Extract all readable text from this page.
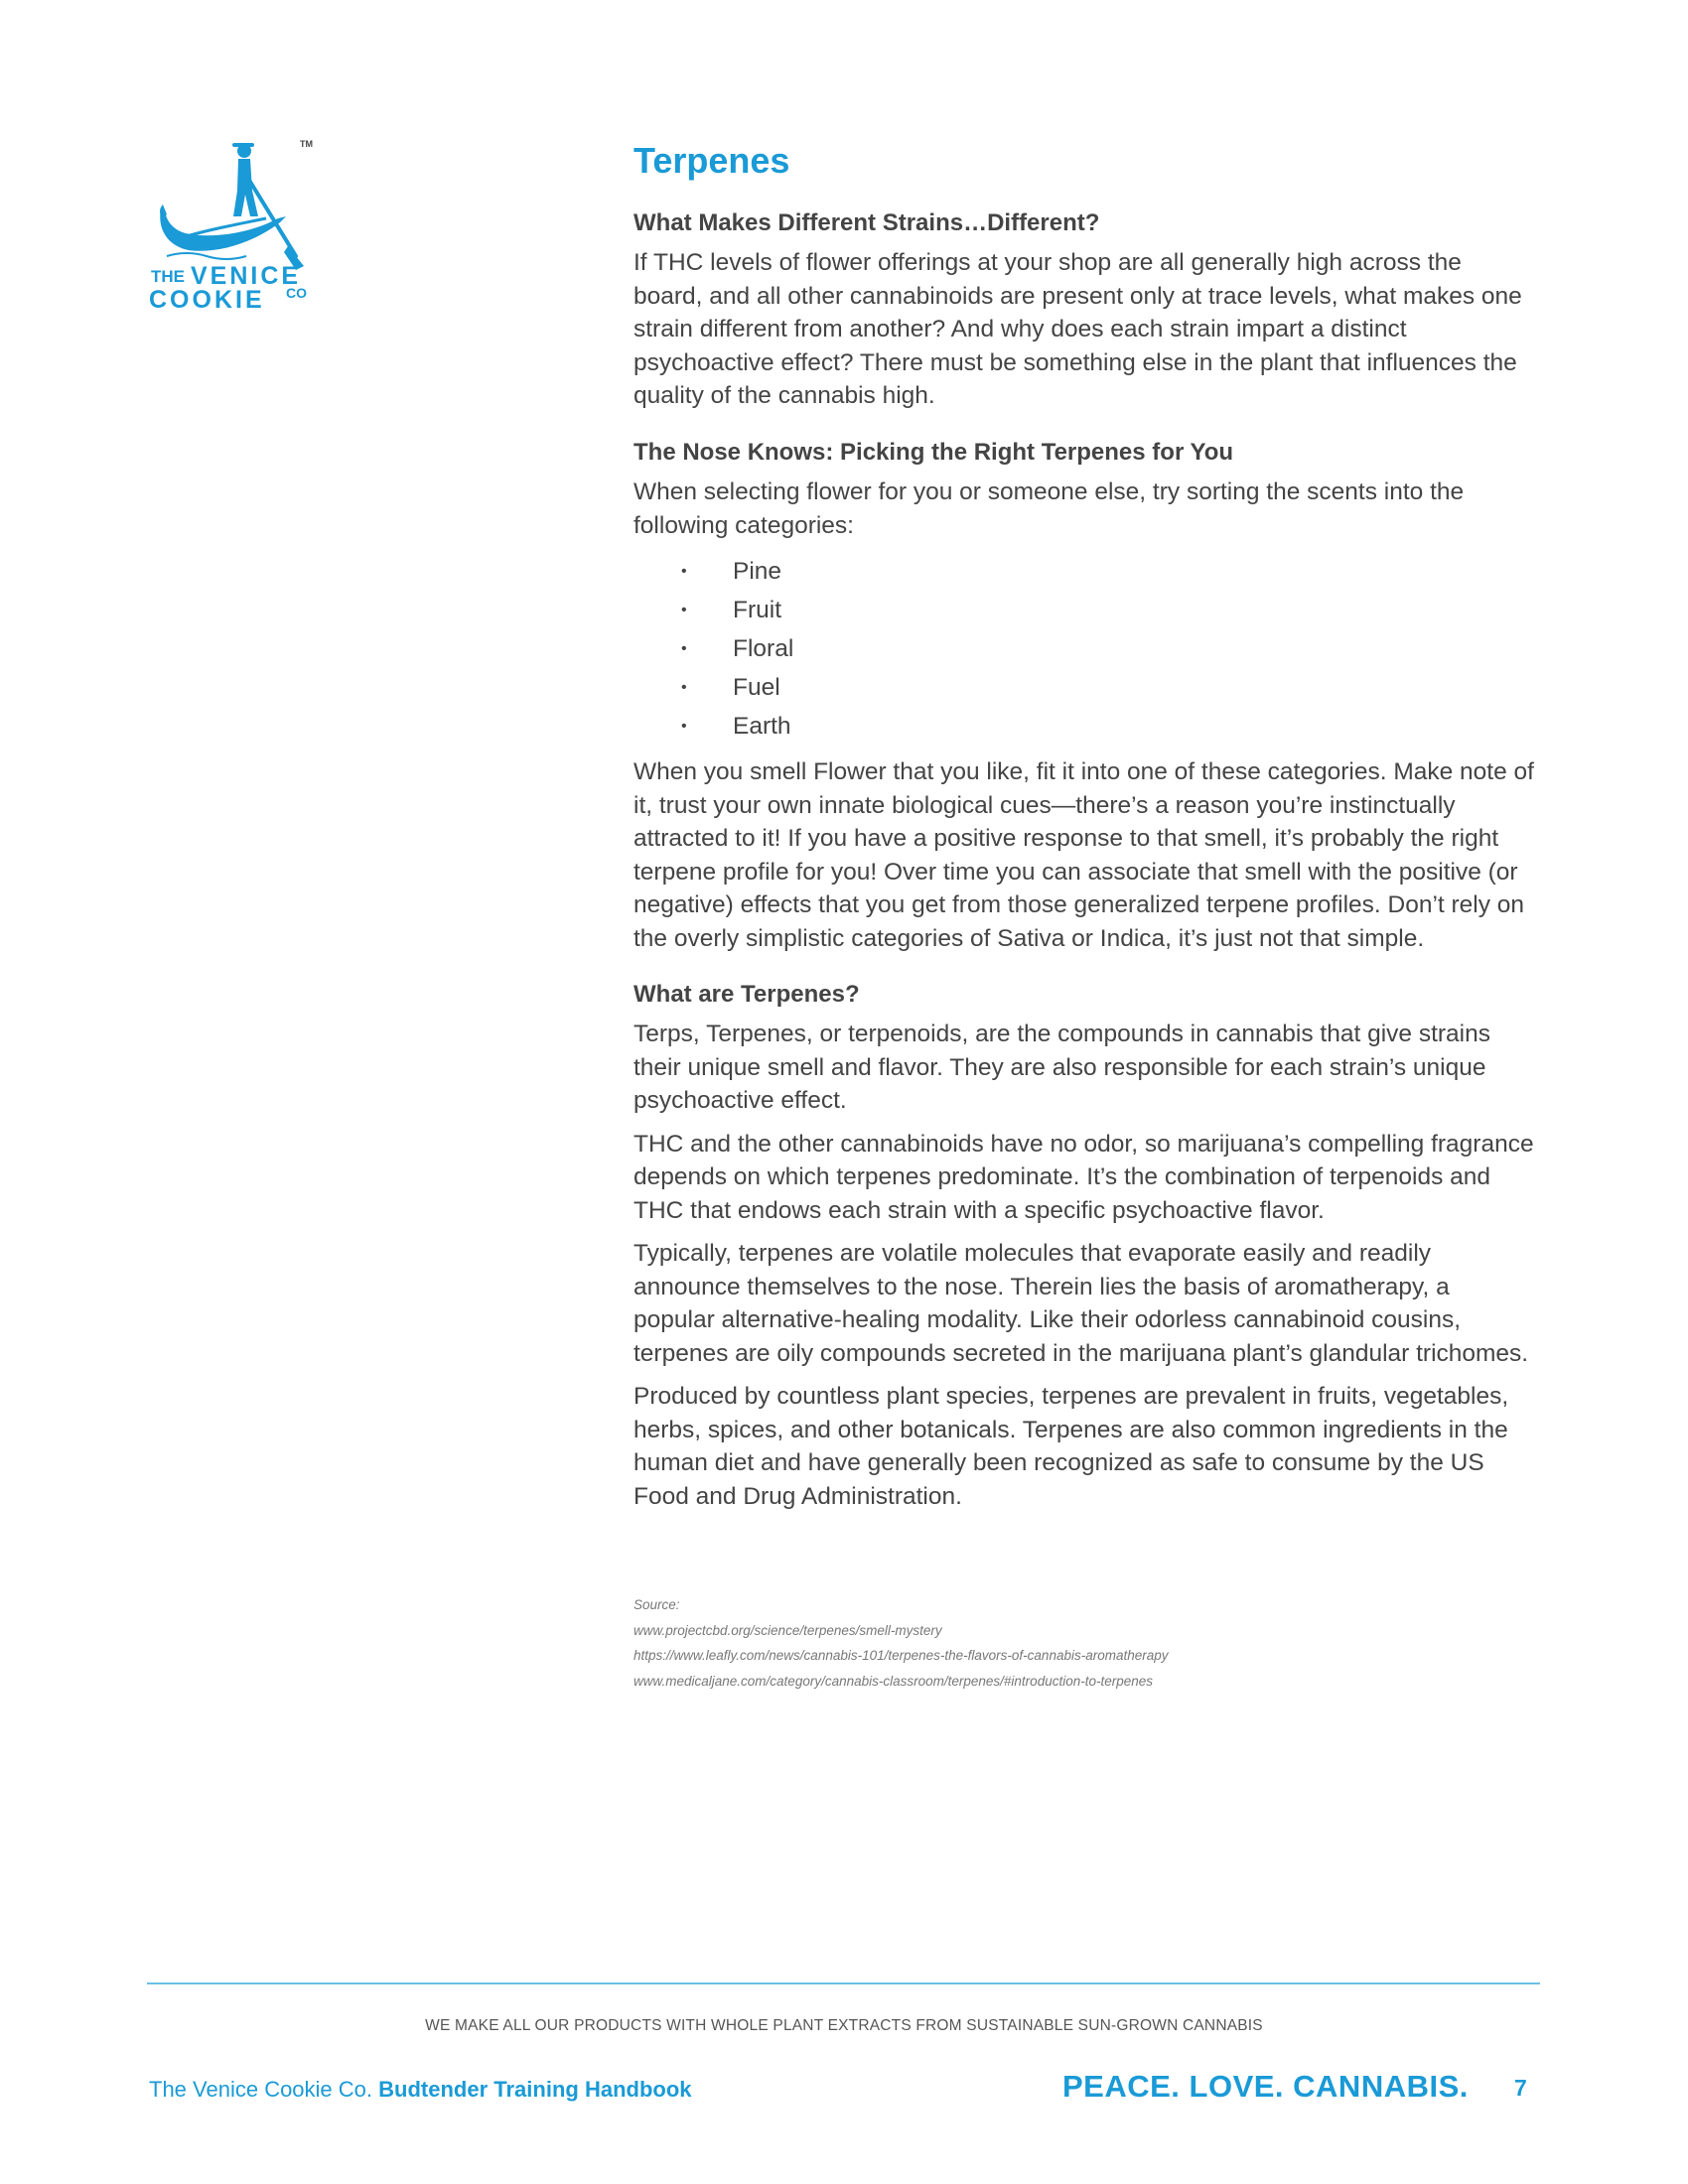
THE VENICE
COOKIE CO
TM	Terpenes
What Makes Different Strains…Different?

If THC levels of flower offerings at your shop are all generally high across the board, and all other cannabinoids are present only at trace levels, what makes one strain different from another? And why does each strain impart a distinct psychoactive effect? There must be something else in the plant that influences the quality of the cannabis high.

The Nose Knows: Picking the Right Terpenes for You

When selecting flower for you or someone else, try sorting the scents into the following categories:

• Pine
• Fruit
• Floral
• Fuel
• Earth

When you smell Flower that you like, fit it into one of these categories. Make note of it, trust your own innate biological cues—there’s a reason you’re instinctually attracted to it! If you have a positive response to that smell, it’s probably the right terpene profile for you! Over time you can associate that smell with the positive (or negative) effects that you get from those generalized terpene profiles. Don’t rely on the overly simplistic categories of Sativa or Indica, it’s just not that simple.

What are Terpenes?

Terps, Terpenes, or terpenoids, are the compounds in cannabis that give strains their unique smell and flavor. They are also responsible for each strain’s unique psychoactive effect.

THC and the other cannabinoids have no odor, so marijuana’s compelling fragrance depends on which terpenes predominate. It’s the combination of terpenoids and THC that endows each strain with a specific psychoactive flavor.

Typically, terpenes are volatile molecules that evaporate easily and readily announce themselves to the nose. Therein lies the basis of aromatherapy, a popular alternative-healing modality. Like their odorless cannabinoid cousins, terpenes are oily compounds secreted in the marijuana plant’s glandular trichomes.

Produced by countless plant species, terpenes are prevalent in fruits, vegetables, herbs, spices, and other botanicals. Terpenes are also common ingredients in the human diet and have generally been recognized as safe to consume by the US Food and Drug Administration.

Source:
www.projectcbd.org/science/terpenes/smell-mystery
https://www.leafly.com/news/cannabis-101/terpenes-the-flavors-of-cannabis-aromatherapy
www.medicaljane.com/category/cannabis-classroom/terpenes/#introduction-to-terpenes
WE MAKE ALL OUR PRODUCTS WITH WHOLE PLANT EXTRACTS FROM SUSTAINABLE SUN-GROWN CANNABIS
The Venice Cookie Co. Budtender Training Handbook	PEACE. LOVE. CANNABIS. 7
